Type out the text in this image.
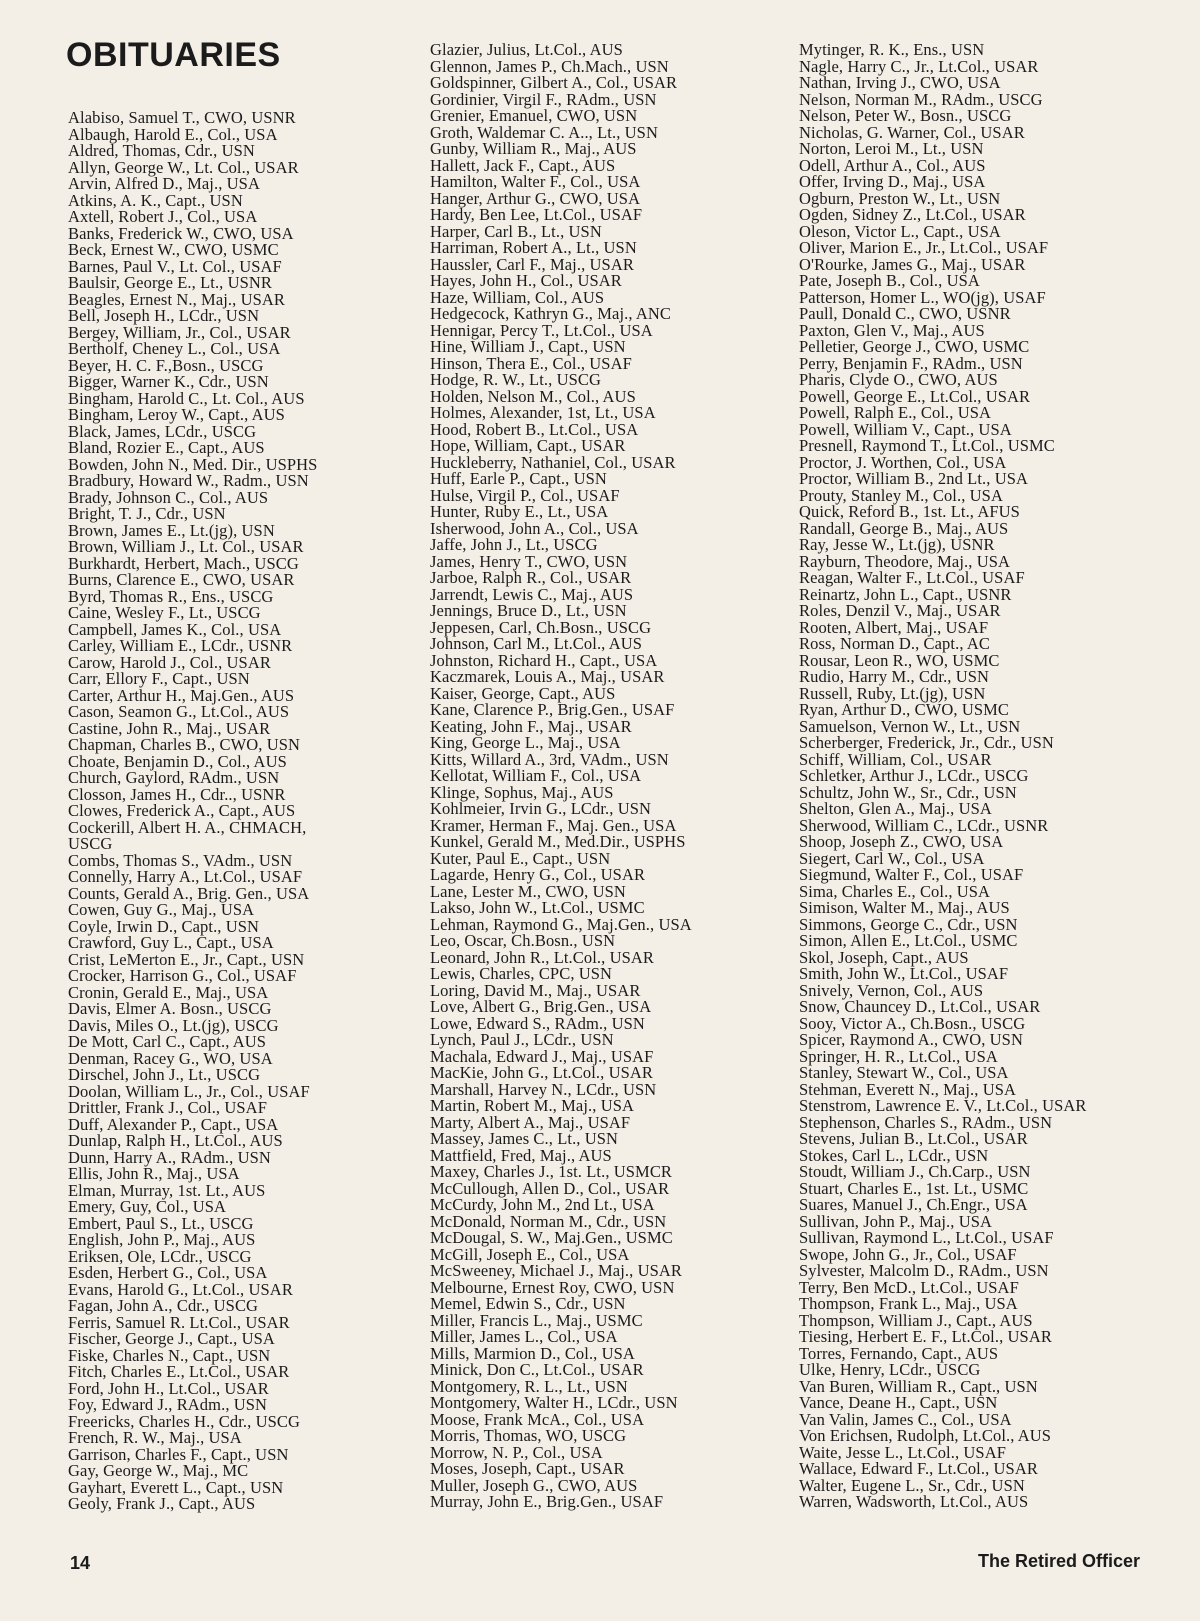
OBITUARIES
Alabiso, Samuel T., CWO, USNR
Albaugh, Harold E., Col., USA
Aldred, Thomas, Cdr., USN
Allyn, George W., Lt. Col., USAR
Arvin, Alfred D., Maj., USA
Atkins, A. K., Capt., USN
Axtell, Robert J., Col., USA
Banks, Frederick W., CWO, USA
Beck, Ernest W., CWO, USMC
Barnes, Paul V., Lt. Col., USAF
Baulsir, George E., Lt., USNR
Beagles, Ernest N., Maj., USAR
Bell, Joseph H., LCdr., USN
Bergey, William, Jr., Col., USAR
Bertholf, Cheney L., Col., USA
Beyer, H. C. F.,Bosn., USCG
Bigger, Warner K., Cdr., USN
Bingham, Harold C., Lt. Col., AUS
Bingham, Leroy W., Capt., AUS
Black, James, LCdr., USCG
Bland, Rozier E., Capt., AUS
Bowden, John N., Med. Dir., USPHS
Bradbury, Howard W., Radm., USN
Brady, Johnson C., Col., AUS
Bright, T. J., Cdr., USN
Brown, James E., Lt.(jg), USN
Brown, William J., Lt. Col., USAR
Burkhardt, Herbert, Mach., USCG
Burns, Clarence E., CWO, USAR
Byrd, Thomas R., Ens., USCG
Caine, Wesley F., Lt., USCG
Campbell, James K., Col., USA
Carley, William E., LCdr., USNR
Carow, Harold J., Col., USAR
Carr, Ellory F., Capt., USN
Carter, Arthur H., Maj.Gen., AUS
Cason, Seamon G., Lt.Col., AUS
Castine, John R., Maj., USAR
Chapman, Charles B., CWO, USN
Choate, Benjamin D., Col., AUS
Church, Gaylord, RAdm., USN
Closson, James H., Cdr.., USNR
Clowes, Frederick A., Capt., AUS
Cockerill, Albert H. A., CHMACH,
USCG
Combs, Thomas S., VAdm., USN
Connelly, Harry A., Lt.Col., USAF
Counts, Gerald A., Brig. Gen., USA
Cowen, Guy G., Maj., USA
Coyle, Irwin D., Capt., USN
Crawford, Guy L., Capt., USA
Crist, LeMerton E., Jr., Capt., USN
Crocker, Harrison G., Col., USAF
Cronin, Gerald E., Maj., USA
Davis, Elmer A. Bosn., USCG
Davis, Miles O., Lt.(jg), USCG
De Mott, Carl C., Capt., AUS
Denman, Racey G., WO, USA
Dirschel, John J., Lt., USCG
Doolan, William L., Jr., Col., USAF
Drittler, Frank J., Col., USAF
Duff, Alexander P., Capt., USA
Dunlap, Ralph H., Lt.Col., AUS
Dunn, Harry A., RAdm., USN
Ellis, John R., Maj., USA
Elman, Murray, 1st. Lt., AUS
Emery, Guy, Col., USA
Embert, Paul S., Lt., USCG
English, John P., Maj., AUS
Eriksen, Ole, LCdr., USCG
Esden, Herbert G., Col., USA
Evans, Harold G., Lt.Col., USAR
Fagan, John A., Cdr., USCG
Ferris, Samuel R. Lt.Col., USAR
Fischer, George J., Capt., USA
Fiske, Charles N., Capt., USN
Fitch, Charles E., Lt.Col., USAR
Ford, John H., Lt.Col., USAR
Foy, Edward J., RAdm., USN
Freericks, Charles H., Cdr., USCG
French, R. W., Maj., USA
Garrison, Charles F., Capt., USN
Gay, George W., Maj., MC
Gayhart, Everett L., Capt., USN
Geoly, Frank J., Capt., AUS
Glazier, Julius, Lt.Col., AUS
Glennon, James P., Ch.Mach., USN
Goldspinner, Gilbert A., Col., USAR
Gordinier, Virgil F., RAdm., USN
Grenier, Emanuel, CWO, USN
Groth, Waldemar C. A.., Lt., USN
Gunby, William R., Maj., AUS
Hallett, Jack F., Capt., AUS
Hamilton, Walter F., Col., USA
Hanger, Arthur G., CWO, USA
Hardy, Ben Lee, Lt.Col., USAF
Harper, Carl B., Lt., USN
Harriman, Robert A., Lt., USN
Haussler, Carl F., Maj., USAR
Hayes, John H., Col., USAR
Haze, William, Col., AUS
Hedgecock, Kathryn G., Maj., ANC
Hennigar, Percy T., Lt.Col., USA
Hine, William J., Capt., USN
Hinson, Thera E., Col., USAF
Hodge, R. W., Lt., USCG
Holden, Nelson M., Col., AUS
Holmes, Alexander, 1st, Lt., USA
Hood, Robert B., Lt.Col., USA
Hope, William, Capt., USAR
Huckleberry, Nathaniel, Col., USAR
Huff, Earle P., Capt., USN
Hulse, Virgil P., Col., USAF
Hunter, Ruby E., Lt., USA
Isherwood, John A., Col., USA
Jaffe, John J., Lt., USCG
James, Henry T., CWO, USN
Jarboe, Ralph R., Col., USAR
Jarrendt, Lewis C., Maj., AUS
Jennings, Bruce D., Lt., USN
Jeppesen, Carl, Ch.Bosn., USCG
Johnson, Carl M., Lt.Col., AUS
Johnston, Richard H., Capt., USA
Kaczmarek, Louis A., Maj., USAR
Kaiser, George, Capt., AUS
Kane, Clarence P., Brig.Gen., USAF
Keating, John F., Maj., USAR
King, George L., Maj., USA
Kitts, Willard A., 3rd, VAdm., USN
Kellotat, William F., Col., USA
Klinge, Sophus, Maj., AUS
Kohlmeier, Irvin G., LCdr., USN
Kramer, Herman F., Maj. Gen., USA
Kunkel, Gerald M., Med.Dir., USPHS
Kuter, Paul E., Capt., USN
Lagarde, Henry G., Col., USAR
Lane, Lester M., CWO, USN
Lakso, John W., Lt.Col., USMC
Lehman, Raymond G., Maj.Gen., USA
Leo, Oscar, Ch.Bosn., USN
Leonard, John R., Lt.Col., USAR
Lewis, Charles, CPC, USN
Loring, David M., Maj., USAR
Love, Albert G., Brig.Gen., USA
Lowe, Edward S., RAdm., USN
Lynch, Paul J., LCdr., USN
Machala, Edward J., Maj., USAF
MacKie, John G., Lt.Col., USAR
Marshall, Harvey N., LCdr., USN
Martin, Robert M., Maj., USA
Marty, Albert A., Maj., USAF
Massey, James C., Lt., USN
Mattfield, Fred, Maj., AUS
Maxey, Charles J., 1st. Lt., USMCR
McCullough, Allen D., Col., USAR
McCurdy, John M., 2nd Lt., USA
McDonald, Norman M., Cdr., USN
McDougal, S. W., Maj.Gen., USMC
McGill, Joseph E., Col., USA
McSweeney, Michael J., Maj., USAR
Melbourne, Ernest Roy, CWO, USN
Memel, Edwin S., Cdr., USN
Miller, Francis L., Maj., USMC
Miller, James L., Col., USA
Mills, Marmion D., Col., USA
Minick, Don C., Lt.Col., USAR
Montgomery, R. L., Lt., USN
Montgomery, Walter H., LCdr., USN
Moose, Frank McA., Col., USA
Morris, Thomas, WO, USCG
Morrow, N. P., Col., USA
Moses, Joseph, Capt., USAR
Muller, Joseph G., CWO, AUS
Murray, John E., Brig.Gen., USAF
Mytinger, R. K., Ens., USN
Nagle, Harry C., Jr., Lt.Col., USAR
Nathan, Irving J., CWO, USA
Nelson, Norman M., RAdm., USCG
Nelson, Peter W., Bosn., USCG
Nicholas, G. Warner, Col., USAR
Norton, Leroi M., Lt., USN
Odell, Arthur A., Col., AUS
Offer, Irving D., Maj., USA
Ogburn, Preston W., Lt., USN
Ogden, Sidney Z., Lt.Col., USAR
Oleson, Victor L., Capt., USA
Oliver, Marion E., Jr., Lt.Col., USAF
O'Rourke, James G., Maj., USAR
Pate, Joseph B., Col., USA
Patterson, Homer L., WO(jg), USAF
Paull, Donald C., CWO, USNR
Paxton, Glen V., Maj., AUS
Pelletier, George J., CWO, USMC
Perry, Benjamin F., RAdm., USN
Pharis, Clyde O., CWO, AUS
Powell, George E., Lt.Col., USAR
Powell, Ralph E., Col., USA
Powell, William V., Capt., USA
Presnell, Raymond T., Lt.Col., USMC
Proctor, J. Worthen, Col., USA
Proctor, William B., 2nd Lt., USA
Prouty, Stanley M., Col., USA
Quick, Reford B., 1st. Lt., AFUS
Randall, George B., Maj., AUS
Ray, Jesse W., Lt.(jg), USNR
Rayburn, Theodore, Maj., USA
Reagan, Walter F., Lt.Col., USAF
Reinartz, John L., Capt., USNR
Roles, Denzil V., Maj., USAR
Rooten, Albert, Maj., USAF
Ross, Norman D., Capt., AC
Rousar, Leon R., WO, USMC
Rudio, Harry M., Cdr., USN
Russell, Ruby, Lt.(jg), USN
Ryan, Arthur D., CWO, USMC
Samuelson, Vernon W., Lt., USN
Scherberger, Frederick, Jr., Cdr., USN
Schiff, William, Col., USAR
Schletker, Arthur J., LCdr., USCG
Schultz, John W., Sr., Cdr., USN
Shelton, Glen A., Maj., USA
Sherwood, William C., LCdr., USNR
Shoop, Joseph Z., CWO, USA
Siegert, Carl W., Col., USA
Siegmund, Walter F., Col., USAF
Sima, Charles E., Col., USA
Simison, Walter M., Maj., AUS
Simmons, George C., Cdr., USN
Simon, Allen E., Lt.Col., USMC
Skol, Joseph, Capt., AUS
Smith, John W., Lt.Col., USAF
Snively, Vernon, Col., AUS
Snow, Chauncey D., Lt.Col., USAR
Sooy, Victor A., Ch.Bosn., USCG
Spicer, Raymond A., CWO, USN
Springer, H. R., Lt.Col., USA
Stanley, Stewart W., Col., USA
Stehman, Everett N., Maj., USA
Stenstrom, Lawrence E. V., Lt.Col., USAR
Stephenson, Charles S., RAdm., USN
Stevens, Julian B., Lt.Col., USAR
Stokes, Carl L., LCdr., USN
Stoudt, William J., Ch.Carp., USN
Stuart, Charles E., 1st. Lt., USMC
Suares, Manuel J., Ch.Engr., USA
Sullivan, John P., Maj., USA
Sullivan, Raymond L., Lt.Col., USAF
Swope, John G., Jr., Col., USAF
Sylvester, Malcolm D., RAdm., USN
Terry, Ben McD., Lt.Col., USAF
Thompson, Frank L., Maj., USA
Thompson, William J., Capt., AUS
Tiesing, Herbert E. F., Lt.Col., USAR
Torres, Fernando, Capt., AUS
Ulke, Henry, LCdr., USCG
Van Buren, William R., Capt., USN
Vance, Deane H., Capt., USN
Van Valin, James C., Col., USA
Von Erichsen, Rudolph, Lt.Col., AUS
Waite, Jesse L., Lt.Col., USAF
Wallace, Edward F., Lt.Col., USAR
Walter, Eugene L., Sr., Cdr., USN
Warren, Wadsworth, Lt.Col., AUS
14	The Retired Officer
